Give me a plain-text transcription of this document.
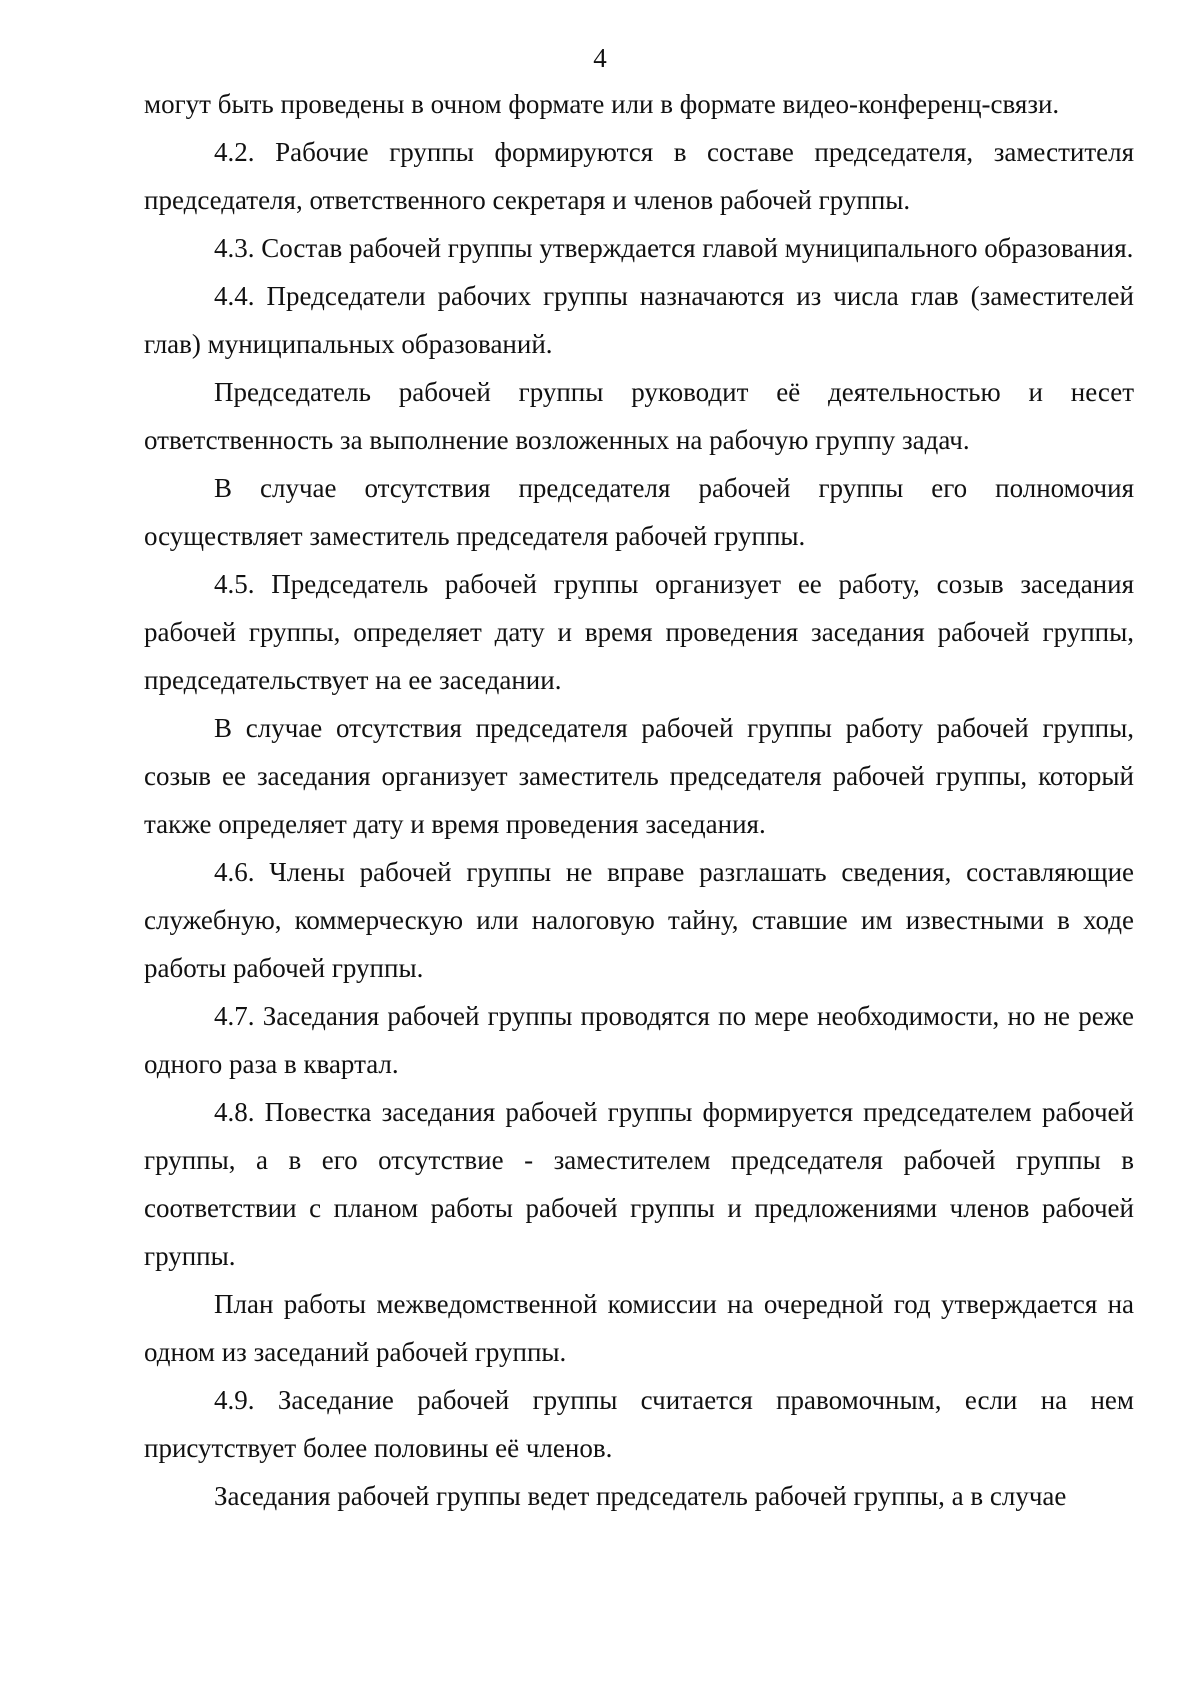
4

могут быть проведены в очном формате или в формате видео-конференц-связи.

4.2. Рабочие группы формируются в составе председателя, заместителя председателя, ответственного секретаря и членов рабочей группы.

4.3. Состав рабочей группы утверждается главой муниципального образования.

4.4. Председатели рабочих группы назначаются из числа глав (заместителей глав) муниципальных образований.

Председатель рабочей группы руководит её деятельностью и несет ответственность за выполнение возложенных на рабочую группу задач.

В случае отсутствия председателя рабочей группы его полномочия осуществляет заместитель председателя рабочей группы.

4.5. Председатель рабочей группы организует ее работу, созыв заседания рабочей группы, определяет дату и время проведения заседания рабочей группы, председательствует на ее заседании.

В случае отсутствия председателя рабочей группы работу рабочей группы, созыв ее заседания организует заместитель председателя рабочей группы, который также определяет дату и время проведения заседания.

4.6. Члены рабочей группы не вправе разглашать сведения, составляющие служебную, коммерческую или налоговую тайну, ставшие им известными в ходе работы рабочей группы.

4.7. Заседания рабочей группы проводятся по мере необходимости, но не реже одного раза в квартал.

4.8. Повестка заседания рабочей группы формируется председателем рабочей группы, а в его отсутствие - заместителем председателя рабочей группы в соответствии с планом работы рабочей группы и предложениями членов рабочей группы.

План работы межведомственной комиссии на очередной год утверждается на одном из заседаний рабочей группы.

4.9. Заседание рабочей группы считается правомочным, если на нем присутствует более половины её членов.

Заседания рабочей группы ведет председатель рабочей группы, а в случае
